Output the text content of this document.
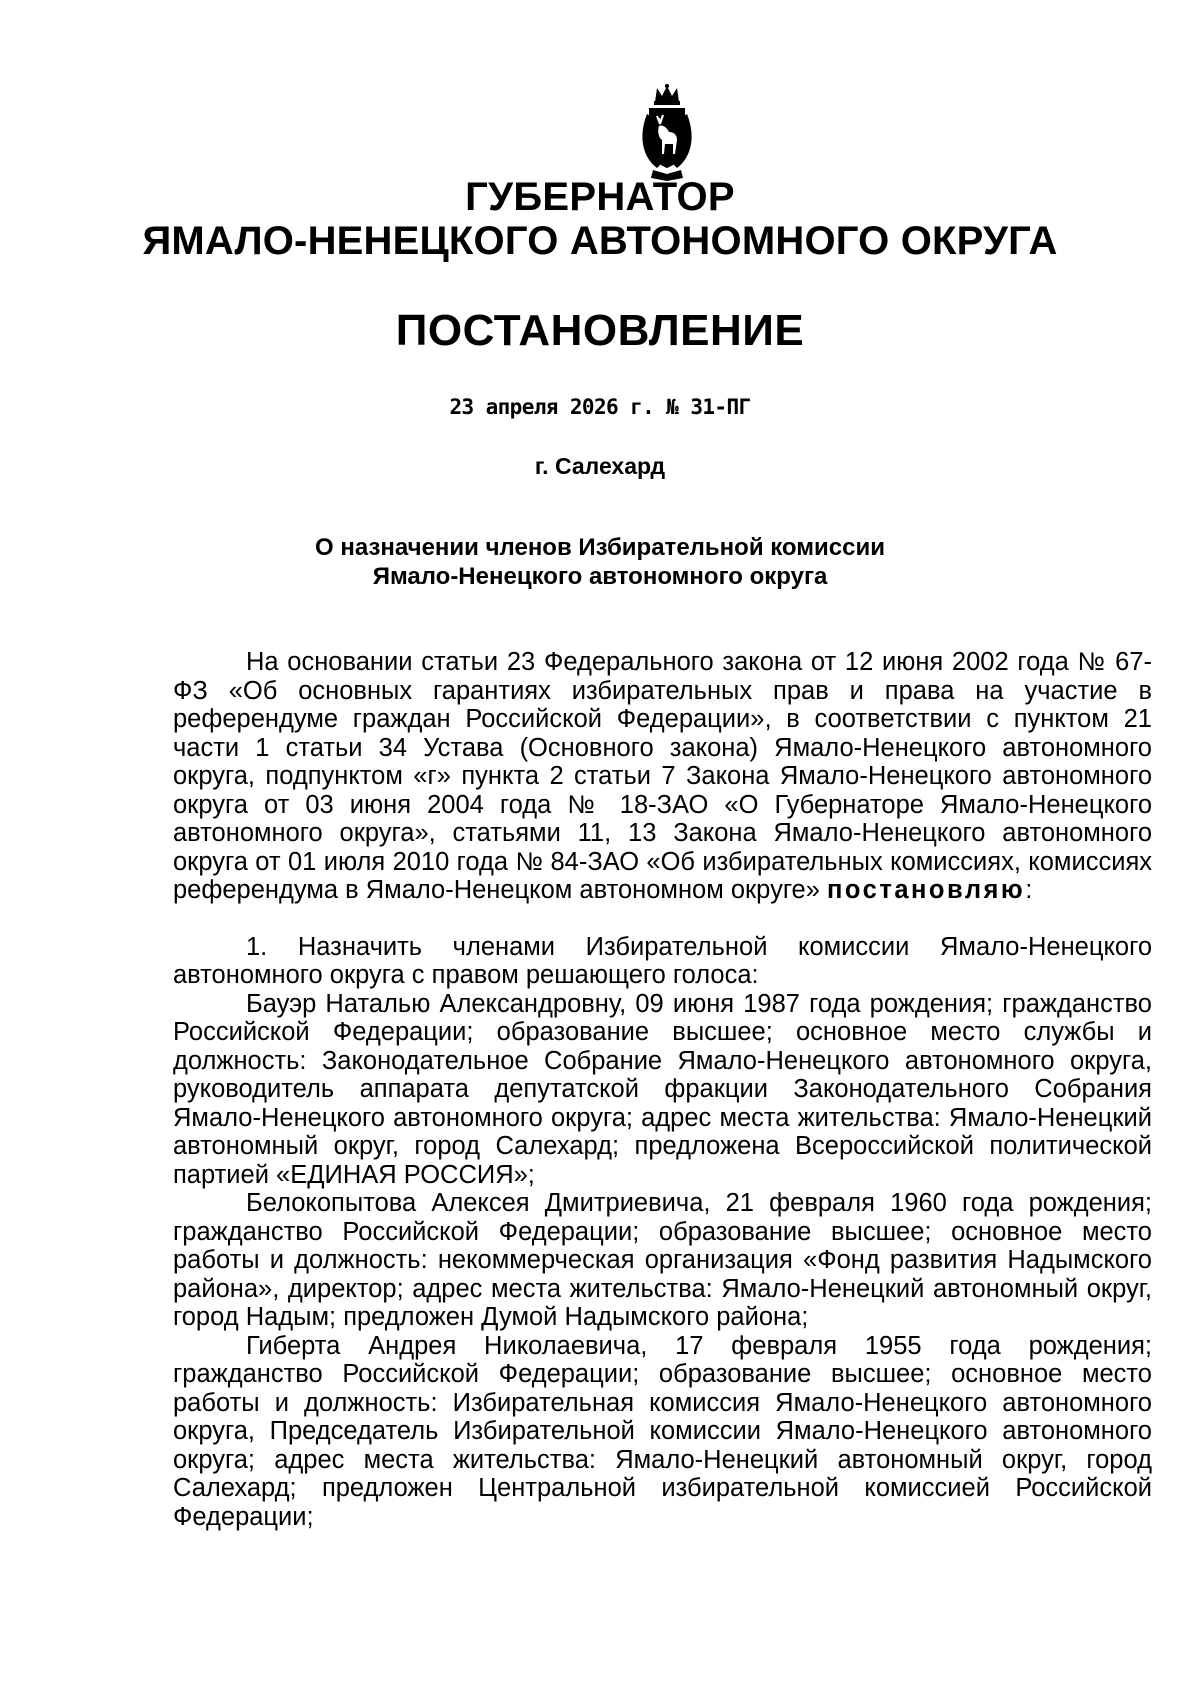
ГУБЕРНАТОР
ЯМАЛО-НЕНЕЦКОГО АВТОНОМНОГО ОКРУГА
ПОСТАНОВЛЕНИЕ
23 апреля 2026 г. № 31-ПГ
г. Салехард
О назначении членов Избирательной комиссии
Ямало-Ненецкого автономного округа

На основании статьи 23 Федерального закона от 12 июня 2002 года № 67-ФЗ «Об основных гарантиях избирательных прав и права на участие в референдуме граждан Российской Федерации», в соответствии с пунктом 21 части 1 статьи 34 Устава (Основного закона) Ямало-Ненецкого автономного округа, подпунктом «г» пункта 2 статьи 7 Закона Ямало-Ненецкого автономного округа от 03 июня 2004 года № 18-ЗАО «О Губернаторе Ямало-Ненецкого автономного округа», статьями 11, 13 Закона Ямало-Ненецкого автономного округа от 01 июля 2010 года № 84-ЗАО «Об избирательных комиссиях, комиссиях референдума в Ямало-Ненецком автономном округе» постановляю:

1. Назначить членами Избирательной комиссии Ямало-Ненецкого автономного округа с правом решающего голоса:

Бауэр Наталью Александровну, 09 июня 1987 года рождения; гражданство Российской Федерации; образование высшее; основное место службы и должность: Законодательное Собрание Ямало-Ненецкого автономного округа, руководитель аппарата депутатской фракции Законодательного Собрания Ямало-Ненецкого автономного округа; адрес места жительства: Ямало-Ненецкий автономный округ, город Салехард; предложена Всероссийской политической партией «ЕДИНАЯ РОССИЯ»;

Белокопытова Алексея Дмитриевича, 21 февраля 1960 года рождения; гражданство Российской Федерации; образование высшее; основное место работы и должность: некоммерческая организация «Фонд развития Надымского района», директор; адрес места жительства: Ямало-Ненецкий автономный округ, город Надым; предложен Думой Надымского района;

Гиберта Андрея Николаевича, 17 февраля 1955 года рождения; гражданство Российской Федерации; образование высшее; основное место работы и должность: Избирательная комиссия Ямало-Ненецкого автономного округа, Председатель Избирательной комиссии Ямало-Ненецкого автономного округа; адрес места жительства: Ямало-Ненецкий автономный округ, город Салехард; предложен Центральной избирательной комиссией Российской Федерации;
